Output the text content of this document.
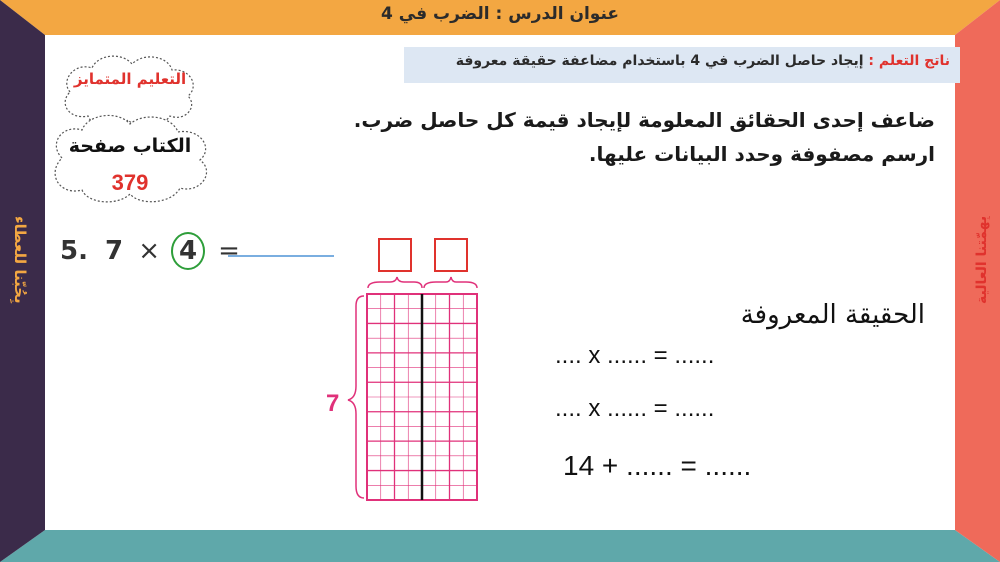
عنوان الدرس : الضرب في 4
ناتج التعلم : إيجاد حاصل الضرب في 4 باستخدام مضاعفة حقيقة معروفة
بِحُبّنا للعطاء	بِهِمّتنا العالية
التعليم المتمايز
الكتاب صفحة
379
ضاعف إحدى الحقائق المعلومة لإيجاد قيمة كل حاصل ضرب.
ارسم مصفوفة وحدد البيانات عليها.
5. 7 × 4 =
7
الحقيقة المعروفة
.... x ...... = ......
.... x ...... = ......
14 + ...... = ......
